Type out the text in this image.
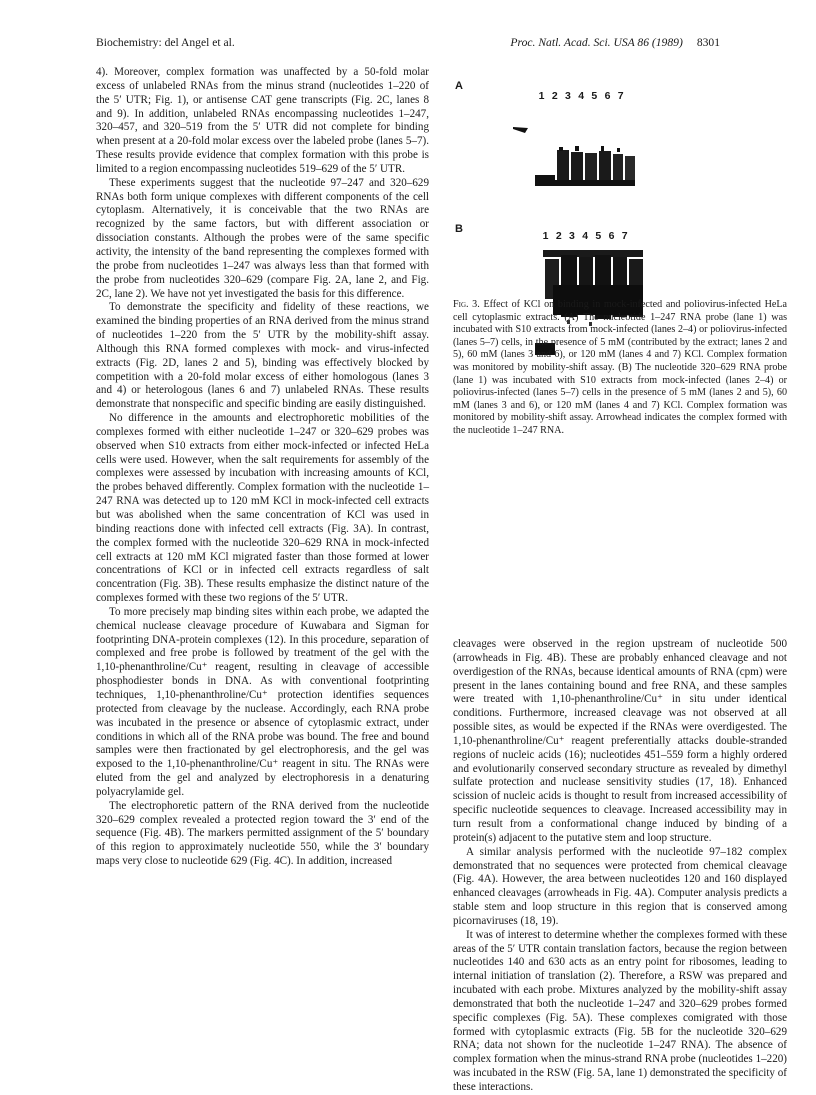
Biochemistry: del Angel et al.	Proc. Natl. Acad. Sci. USA 86 (1989) 8301

4). Moreover, complex formation was unaffected by a 50-fold molar excess of unlabeled RNAs from the minus strand (nucleotides 1–220 of the 5′ UTR; Fig. 1), or antisense CAT gene transcripts (Fig. 2C, lanes 8 and 9). In addition, unlabeled RNAs encompassing nucleotides 1–247, 320–457, and 320–519 from the 5′ UTR did not complete for binding when present at a 20-fold molar excess over the labeled probe (lanes 5–7). These results provide evidence that complex formation with this probe is limited to a region encompassing nucleotides 519–629 of the 5′ UTR.

These experiments suggest that the nucleotide 97–247 and 320–629 RNAs both form unique complexes with different components of the cell cytoplasm. Alternatively, it is conceivable that the two RNAs are recognized by the same factors, but with different association or dissociation constants. Although the probes were of the same specific activity, the intensity of the band representing the complexes formed with the probe from nucleotides 1–247 was always less than that formed with the probe from nucleotides 320–629 (compare Fig. 2A, lane 2, and Fig. 2C, lane 2). We have not yet investigated the basis for this difference.

To demonstrate the specificity and fidelity of these reactions, we examined the binding properties of an RNA derived from the minus strand of nucleotides 1–220 from the 5′ UTR by the mobility-shift assay. Although this RNA formed complexes with mock- and virus-infected extracts (Fig. 2D, lanes 2 and 5), binding was effectively blocked by competition with a 20-fold molar excess of either homologous (lanes 3 and 4) or heterologous (lanes 6 and 7) unlabeled RNAs. These results demonstrate that nonspecific and specific binding are easily distinguished.

No difference in the amounts and electrophoretic mobilities of the complexes formed with either nucleotide 1–247 or 320–629 probes was observed when S10 extracts from either mock-infected or infected HeLa cells were used. However, when the salt requirements for assembly of the complexes were assessed by incubation with increasing amounts of KCl, the probes behaved differently. Complex formation with the nucleotide 1–247 RNA was detected up to 120 mM KCl in mock-infected cell extracts but was abolished when the same concentration of KCl was used in binding reactions done with infected cell extracts (Fig. 3A). In contrast, the complex formed with the nucleotide 320–629 RNA in mock-infected cell extracts at 120 mM KCl migrated faster than those formed at lower concentrations of KCl or in infected cell extracts regardless of salt concentration (Fig. 3B). These results emphasize the distinct nature of the complexes formed with these two regions of the 5′ UTR.

To more precisely map binding sites within each probe, we adapted the chemical nuclease cleavage procedure of Kuwabara and Sigman for footprinting DNA-protein complexes (12). In this procedure, separation of complexed and free probe is followed by treatment of the gel with the 1,10-phenanthroline/Cu⁺ reagent, resulting in cleavage of accessible phosphodiester bonds in DNA. As with conventional footprinting techniques, 1,10-phenanthroline/Cu⁺ protection identifies sequences protected from cleavage by the nuclease. Accordingly, each RNA probe was incubated in the presence or absence of cytoplasmic extract, under conditions in which all of the RNA probe was bound. The free and bound samples were then fractionated by gel electrophoresis, and the gel was exposed to the 1,10-phenanthroline/Cu⁺ reagent in situ. The RNAs were eluted from the gel and analyzed by electrophoresis in a denaturing polyacrylamide gel.

The electrophoretic pattern of the RNA derived from the nucleotide 320–629 complex revealed a protected region toward the 3′ end of the sequence (Fig. 4B). The markers permitted assignment of the 5′ boundary of this region to approximately nucleotide 550, while the 3′ boundary maps very close to nucleotide 629 (Fig. 4C). In addition, increased

A
1 2 3 4 5 6 7
B
1 2 3 4 5 6 7
Fig. 3. Effect of KCl on binding in mock-infected and poliovirus-infected HeLa cell cytoplasmic extracts. (A) The nucleotide 1–247 RNA probe (lane 1) was incubated with S10 extracts from mock-infected (lanes 2–4) or poliovirus-infected (lanes 5–7) cells, in the presence of 5 mM (contributed by the extract; lanes 2 and 5), 60 mM (lanes 3 and 6), or 120 mM (lanes 4 and 7) KCl. Complex formation was monitored by mobility-shift assay. (B) The nucleotide 320–629 RNA probe (lane 1) was incubated with S10 extracts from mock-infected (lanes 2–4) or poliovirus-infected (lanes 5–7) cells in the presence of 5 mM (lanes 2 and 5), 60 mM (lanes 3 and 6), or 120 mM (lanes 4 and 7) KCl. Complex formation was monitored by mobility-shift assay. Arrowhead indicates the complex formed with the nucleotide 1–247 RNA.

cleavages were observed in the region upstream of nucleotide 500 (arrowheads in Fig. 4B). These are probably enhanced cleavage and not overdigestion of the RNAs, because identical amounts of RNA (cpm) were present in the lanes containing bound and free RNA, and these samples were treated with 1,10-phenanthroline/Cu⁺ in situ under identical conditions. Furthermore, increased cleavage was not observed at all possible sites, as would be expected if the RNAs were overdigested. The 1,10-phenanthroline/Cu⁺ reagent preferentially attacks double-stranded regions of nucleic acids (16); nucleotides 451–559 form a highly ordered and evolutionarily conserved secondary structure as revealed by dimethyl sulfate protection and nuclease sensitivity studies (17, 18). Enhanced scission of nucleic acids is thought to result from increased accessibility of specific nucleotide sequences to cleavage. Increased accessibility may in turn result from a conformational change induced by binding of a protein(s) adjacent to the putative stem and loop structure.

A similar analysis performed with the nucleotide 97–182 complex demonstrated that no sequences were protected from chemical cleavage (Fig. 4A). However, the area between nucleotides 120 and 160 displayed enhanced cleavages (arrowheads in Fig. 4A). Computer analysis predicts a stable stem and loop structure in this region that is conserved among picornaviruses (18, 19).

It was of interest to determine whether the complexes formed with these areas of the 5′ UTR contain translation factors, because the region between nucleotides 140 and 630 acts as an entry point for ribosomes, leading to internal initiation of translation (2). Therefore, a RSW was prepared and incubated with each probe. Mixtures analyzed by the mobility-shift assay demonstrated that both the nucleotide 1–247 and 320–629 probes formed specific complexes (Fig. 5A). These complexes comigrated with those formed with cytoplasmic extracts (Fig. 5B for the nucleotide 320–629 RNA; data not shown for the nucleotide 1–247 RNA). The absence of complex formation when the minus-strand RNA probe (nucleotides 1–220) was incubated in the RSW (Fig. 5A, lane 1) demonstrated the specificity of these interactions.
